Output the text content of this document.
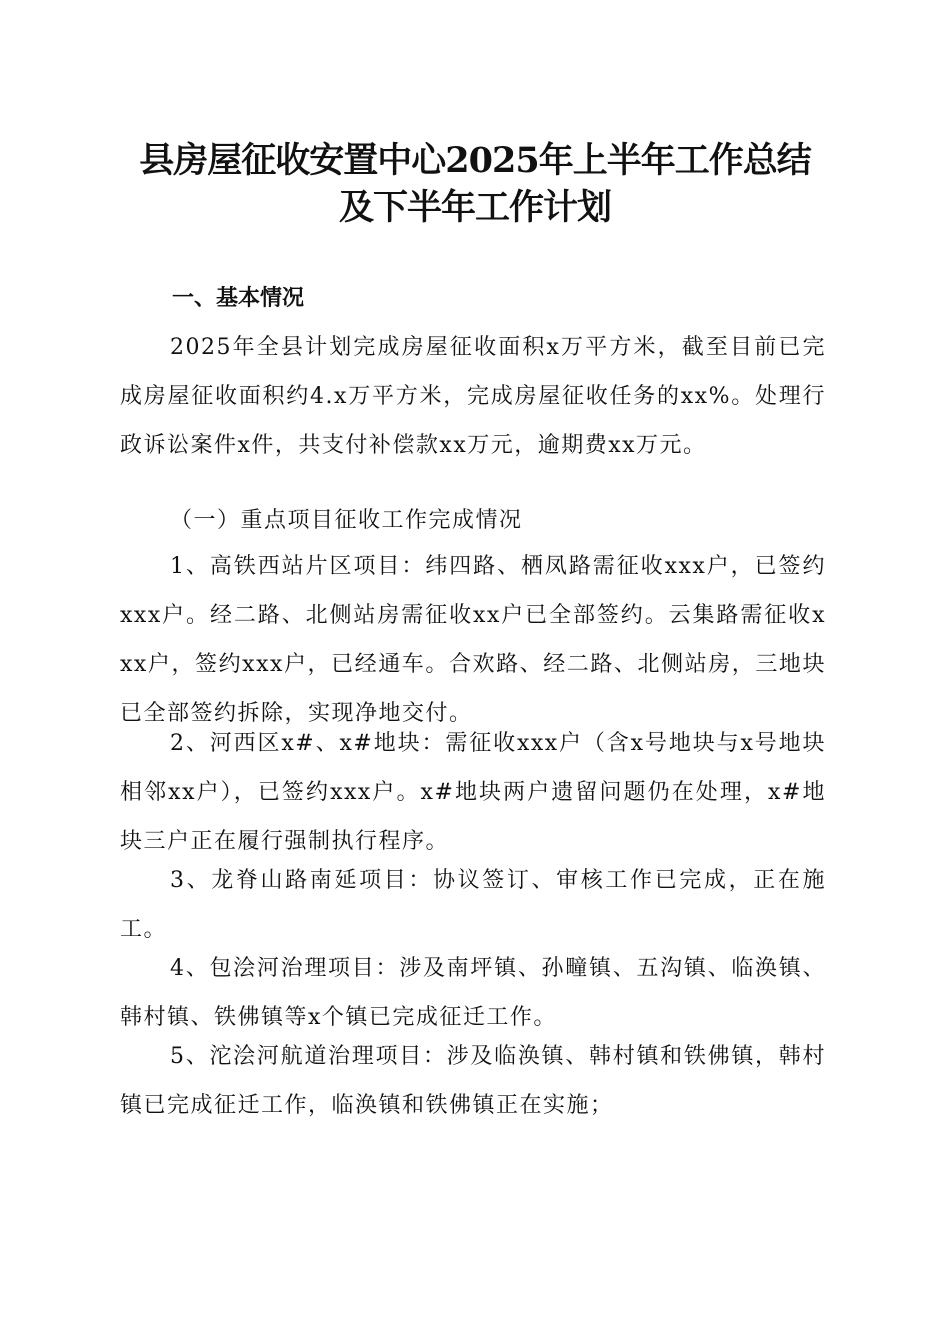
县房屋征收安置中心2025年上半年工作总结
及下半年工作计划
一、基本情况
2025年全县计划完成房屋征收面积x万平方米，截至目前已完成房屋征收面积约4.x万平方米，完成房屋征收任务的xx%。处理行政诉讼案件x件，共支付补偿款xx万元，逾期费xx万元。
（一）重点项目征收工作完成情况
1、高铁西站片区项目：纬四路、栖凤路需征收xxx户，已签约xxx户。经二路、北侧站房需征收xx户已全部签约。云集路需征收xxx户，签约xxx户，已经通车。合欢路、经二路、北侧站房，三地块已全部签约拆除，实现净地交付。
2、河西区x#、x#地块：需征收xxx户（含x号地块与x号地块相邻xx户），已签约xxx户。x#地块两户遗留问题仍在处理，x#地块三户正在履行强制执行程序。
3、龙脊山路南延项目：协议签订、审核工作已完成，正在施工。
4、包浍河治理项目：涉及南坪镇、孙疃镇、五沟镇、临涣镇、韩村镇、铁佛镇等x个镇已完成征迁工作。
5、沱浍河航道治理项目：涉及临涣镇、韩村镇和铁佛镇，韩村镇已完成征迁工作，临涣镇和铁佛镇正在实施；
